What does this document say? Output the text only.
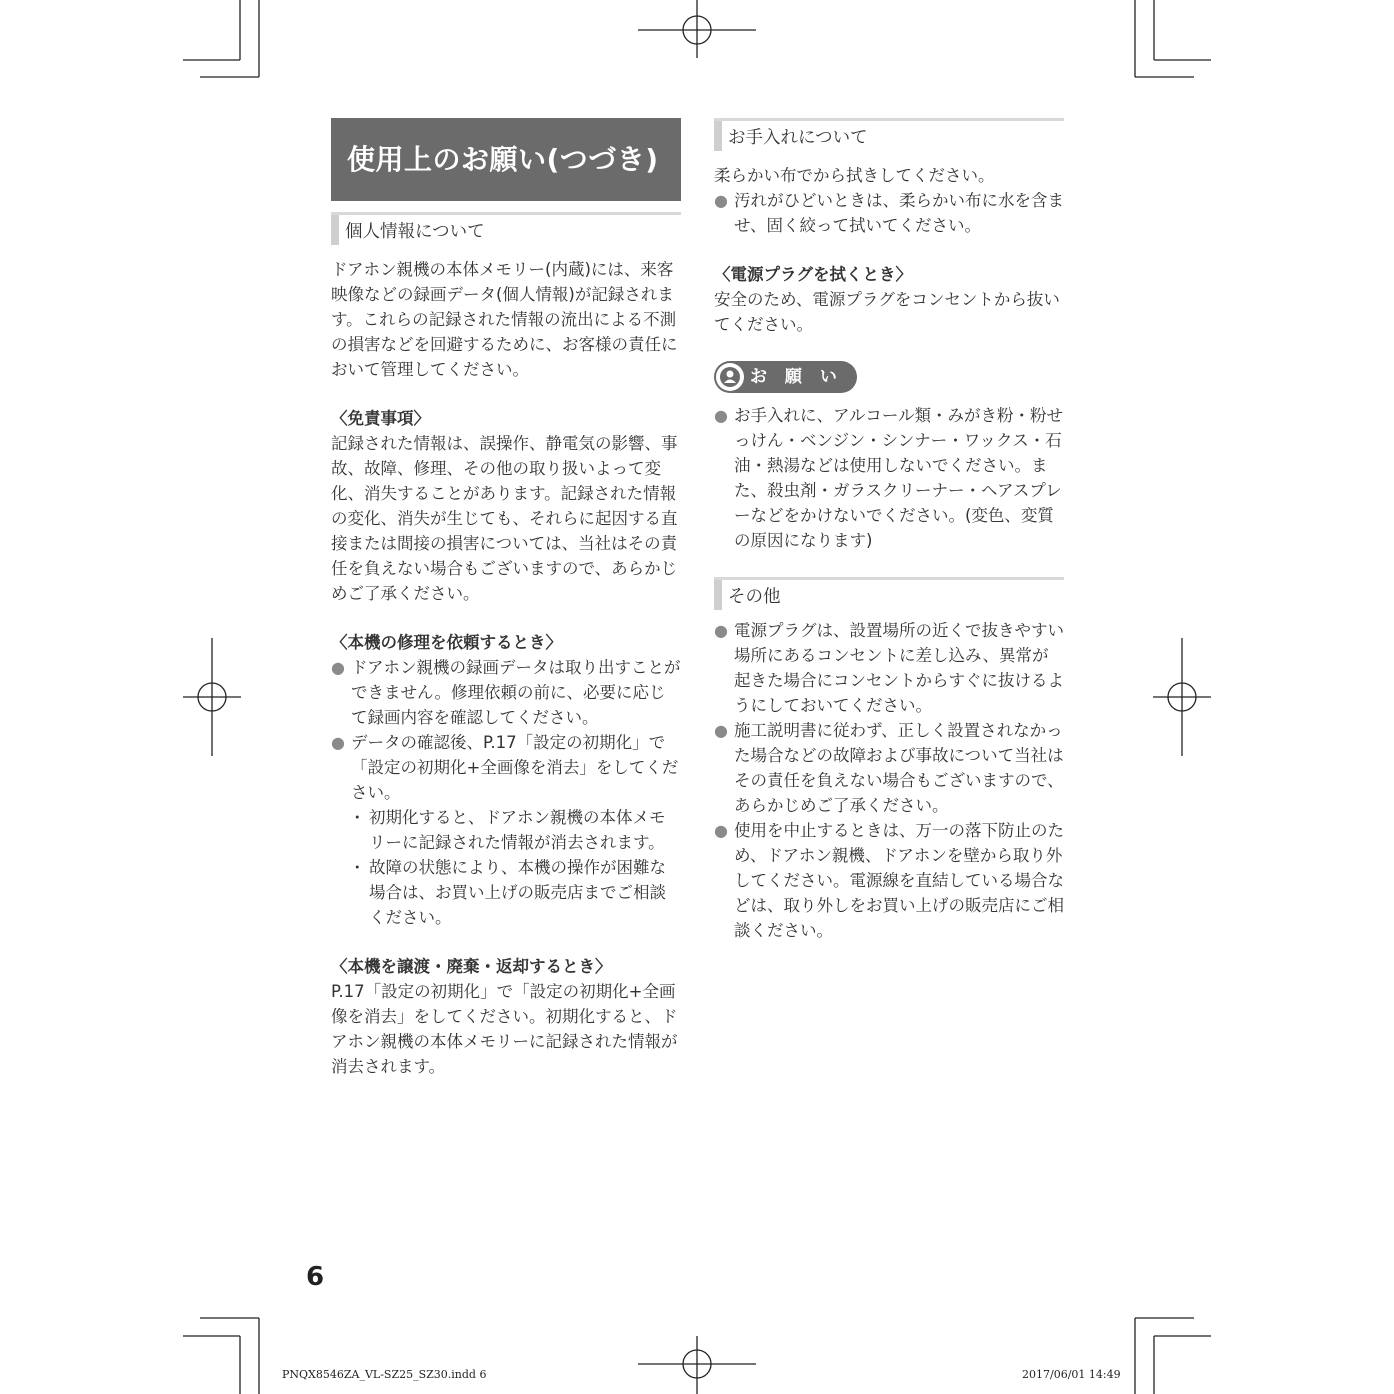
使用上のお願い(つづき)
個人情報について

ドアホン親機の本体メモリー(内蔵)には、来客映像などの録画データ(個人情報)が記録されます。これらの記録された情報の流出による不測の損害などを回避するために、お客様の責任において管理してください。

〈免責事項〉

記録された情報は、誤操作、静電気の影響、事故、故障、修理、その他の取り扱いよって変化、消失することがあります。記録された情報の変化、消失が生じても、それらに起因する直接または間接の損害については、当社はその責任を負えない場合もございますので、あらかじめご了承ください。

〈本機の修理を依頼するとき〉

● ドアホン親機の録画データは取り出すことができません。修理依頼の前に、必要に応じて録画内容を確認してください。

● データの確認後、P.17「設定の初期化」で「設定の初期化+全画像を消去」をしてください。

・ 初期化すると、ドアホン親機の本体メモリーに記録された情報が消去されます。

・ 故障の状態により、本機の操作が困難な場合は、お買い上げの販売店までご相談ください。

〈本機を譲渡・廃棄・返却するとき〉

P.17「設定の初期化」で「設定の初期化+全画像を消去」をしてください。初期化すると、ドアホン親機の本体メモリーに記録された情報が消去されます。

お手入れについて

柔らかい布でから拭きしてください。

● 汚れがひどいときは、柔らかい布に水を含ませ、固く絞って拭いてください。

〈電源プラグを拭くとき〉

安全のため、電源プラグをコンセントから抜いてください。

お 願 い

● お手入れに、アルコール類・みがき粉・粉せっけん・ベンジン・シンナー・ワックス・石油・熱湯などは使用しないでください。また、殺虫剤・ガラスクリーナー・ヘアスプレーなどをかけないでください。(変色、変質の原因になります)

その他

● 電源プラグは、設置場所の近くで抜きやすい場所にあるコンセントに差し込み、異常が起きた場合にコンセントからすぐに抜けるようにしておいてください。

● 施工説明書に従わず、正しく設置されなかった場合などの故障および事故について当社はその責任を負えない場合もございますので、あらかじめご了承ください。

● 使用を中止するときは、万一の落下防止のため、ドアホン親機、ドアホンを壁から取り外してください。電源線を直結している場合などは、取り外しをお買い上げの販売店にご相談ください。

6
PNQX8546ZA_VL-SZ25_SZ30.indd 6	2017/06/01 14:49
